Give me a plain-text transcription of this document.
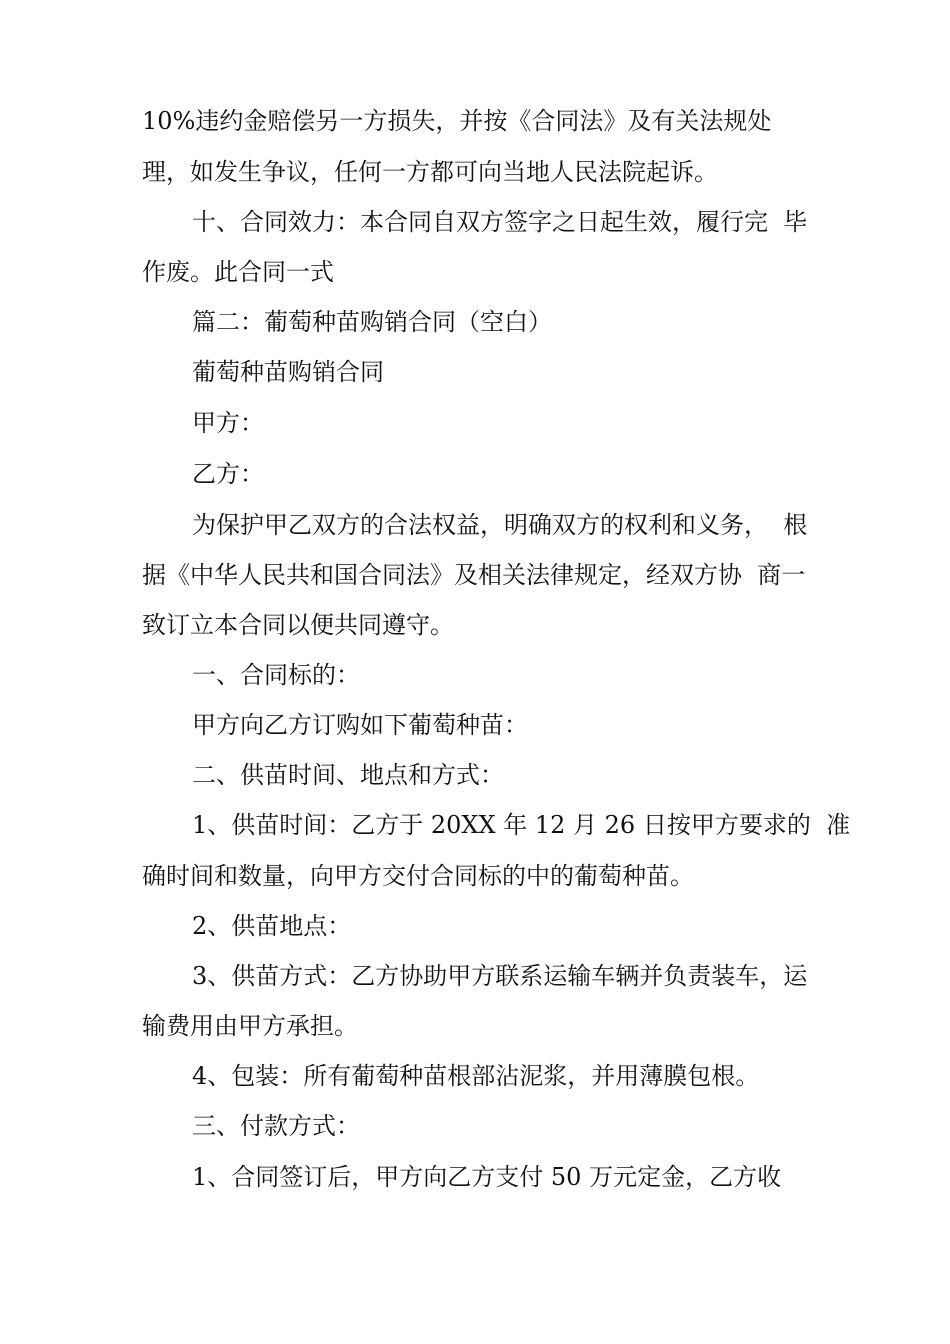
10%违约金赔偿另一方损失，并按《合同法》及有关法规处
理，如发生争议，任何一方都可向当地人民法院起诉。
十、合同效力：本合同自双方签字之日起生效，履行完  毕
作废。此合同一式
篇二：葡萄种苗购销合同（空白）
葡萄种苗购销合同
甲方：
乙方：
为保护甲乙双方的合法权益，明确双方的权利和义务，  根
据《中华人民共和国合同法》及相关法律规定，经双方协  商一
致订立本合同以便共同遵守。
一、合同标的：
甲方向乙方订购如下葡萄种苗：
二、供苗时间、地点和方式：
1、供苗时间：乙方于 20XX 年 12 月 26 日按甲方要求的  准
确时间和数量，向甲方交付合同标的中的葡萄种苗。
2、供苗地点：
3、供苗方式：乙方协助甲方联系运输车辆并负责装车，运
输费用由甲方承担。
4、包装：所有葡萄种苗根部沾泥浆，并用薄膜包根。
三、付款方式：
1、合同签订后，甲方向乙方支付 50 万元定金，乙方收
